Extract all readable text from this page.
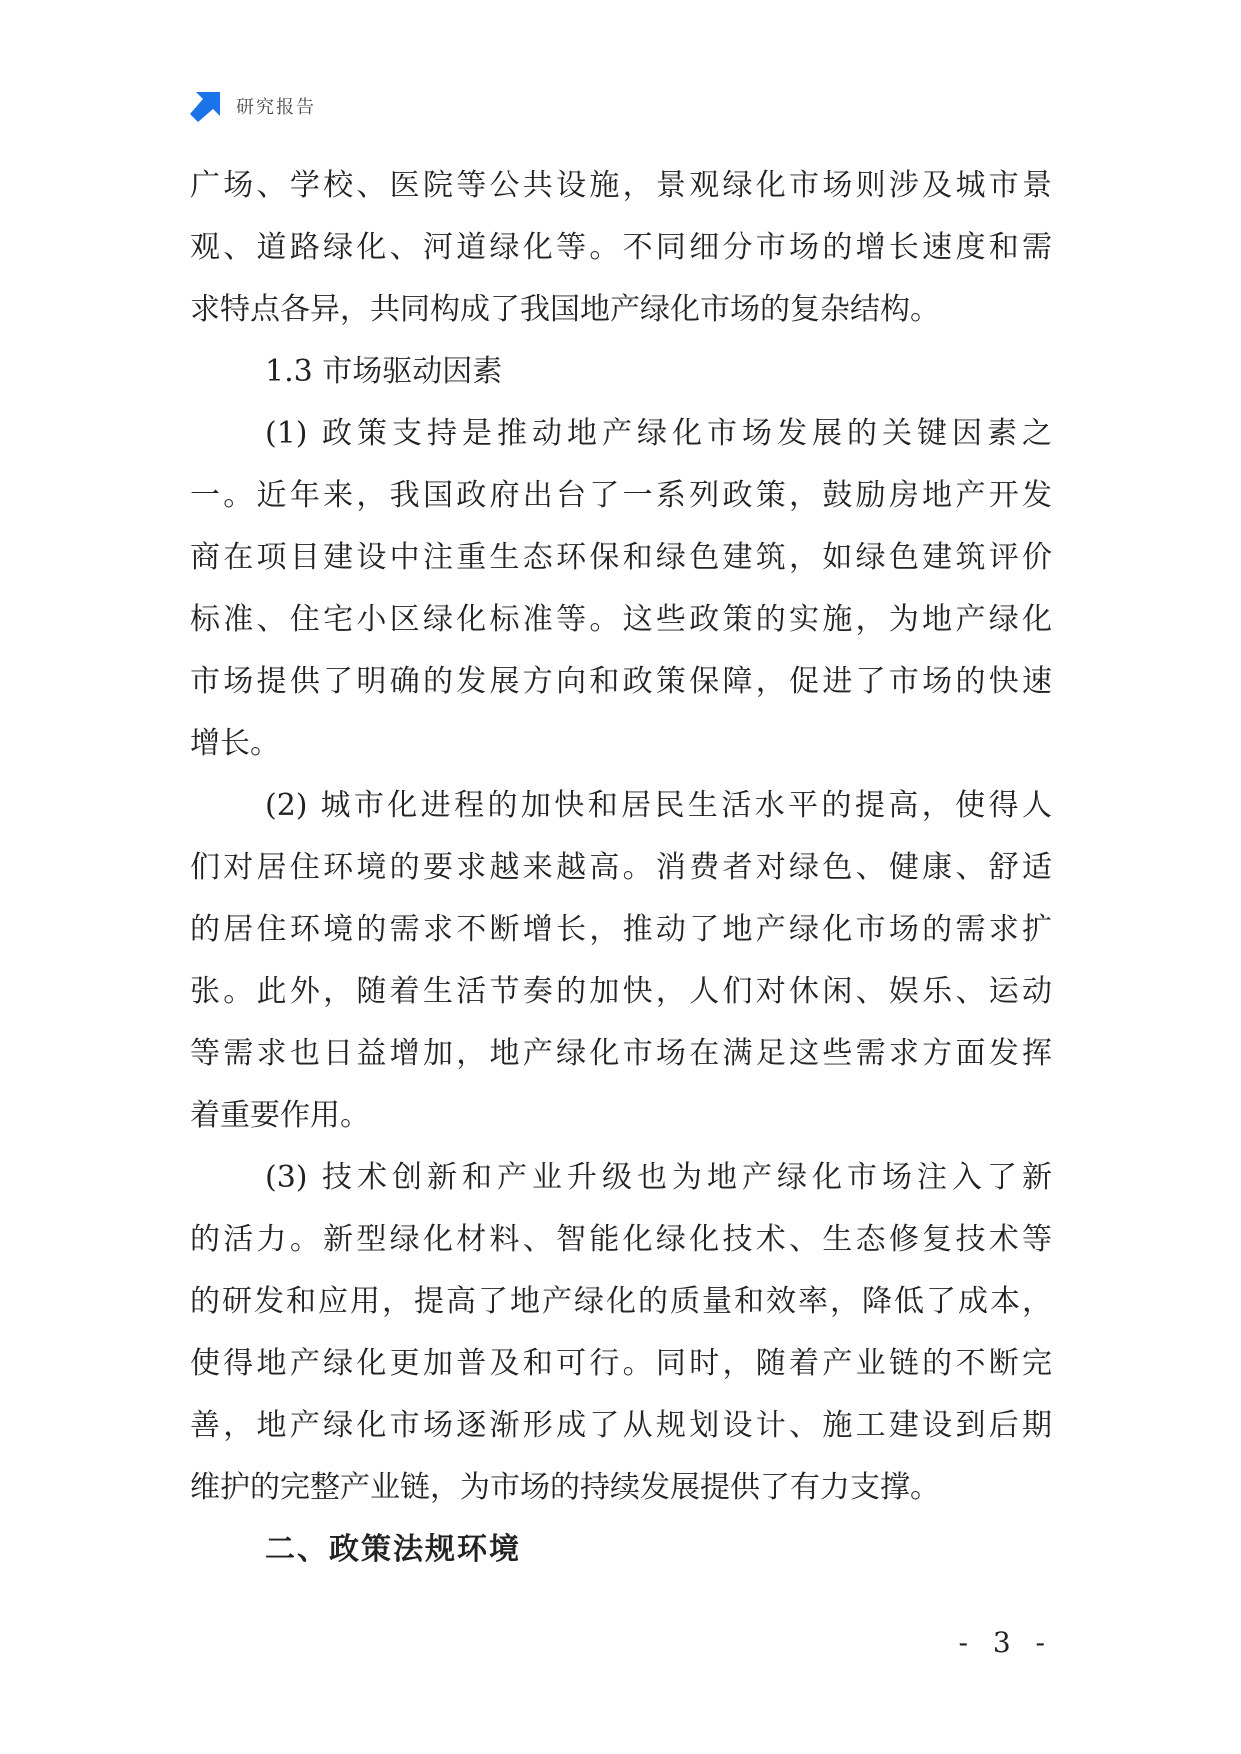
研究报告
广场、学校、医院等公共设施，景观绿化市场则涉及城市景
观、道路绿化、河道绿化等。不同细分市场的增长速度和需
求特点各异，共同构成了我国地产绿化市场的复杂结构。
1.3 市场驱动因素
(1) 政策支持是推动地产绿化市场发展的关键因素之
一。近年来，我国政府出台了一系列政策，鼓励房地产开发
商在项目建设中注重生态环保和绿色建筑，如绿色建筑评价
标准、住宅小区绿化标准等。这些政策的实施，为地产绿化
市场提供了明确的发展方向和政策保障，促进了市场的快速
增长。
(2) 城市化进程的加快和居民生活水平的提高，使得人
们对居住环境的要求越来越高。消费者对绿色、健康、舒适
的居住环境的需求不断增长，推动了地产绿化市场的需求扩
张。此外，随着生活节奏的加快，人们对休闲、娱乐、运动
等需求也日益增加，地产绿化市场在满足这些需求方面发挥
着重要作用。
(3) 技术创新和产业升级也为地产绿化市场注入了新
的活力。新型绿化材料、智能化绿化技术、生态修复技术等
的研发和应用，提高了地产绿化的质量和效率，降低了成本，
使得地产绿化更加普及和可行。同时，随着产业链的不断完
善，地产绿化市场逐渐形成了从规划设计、施工建设到后期
维护的完整产业链，为市场的持续发展提供了有力支撑。
二、政策法规环境
- 3 -
